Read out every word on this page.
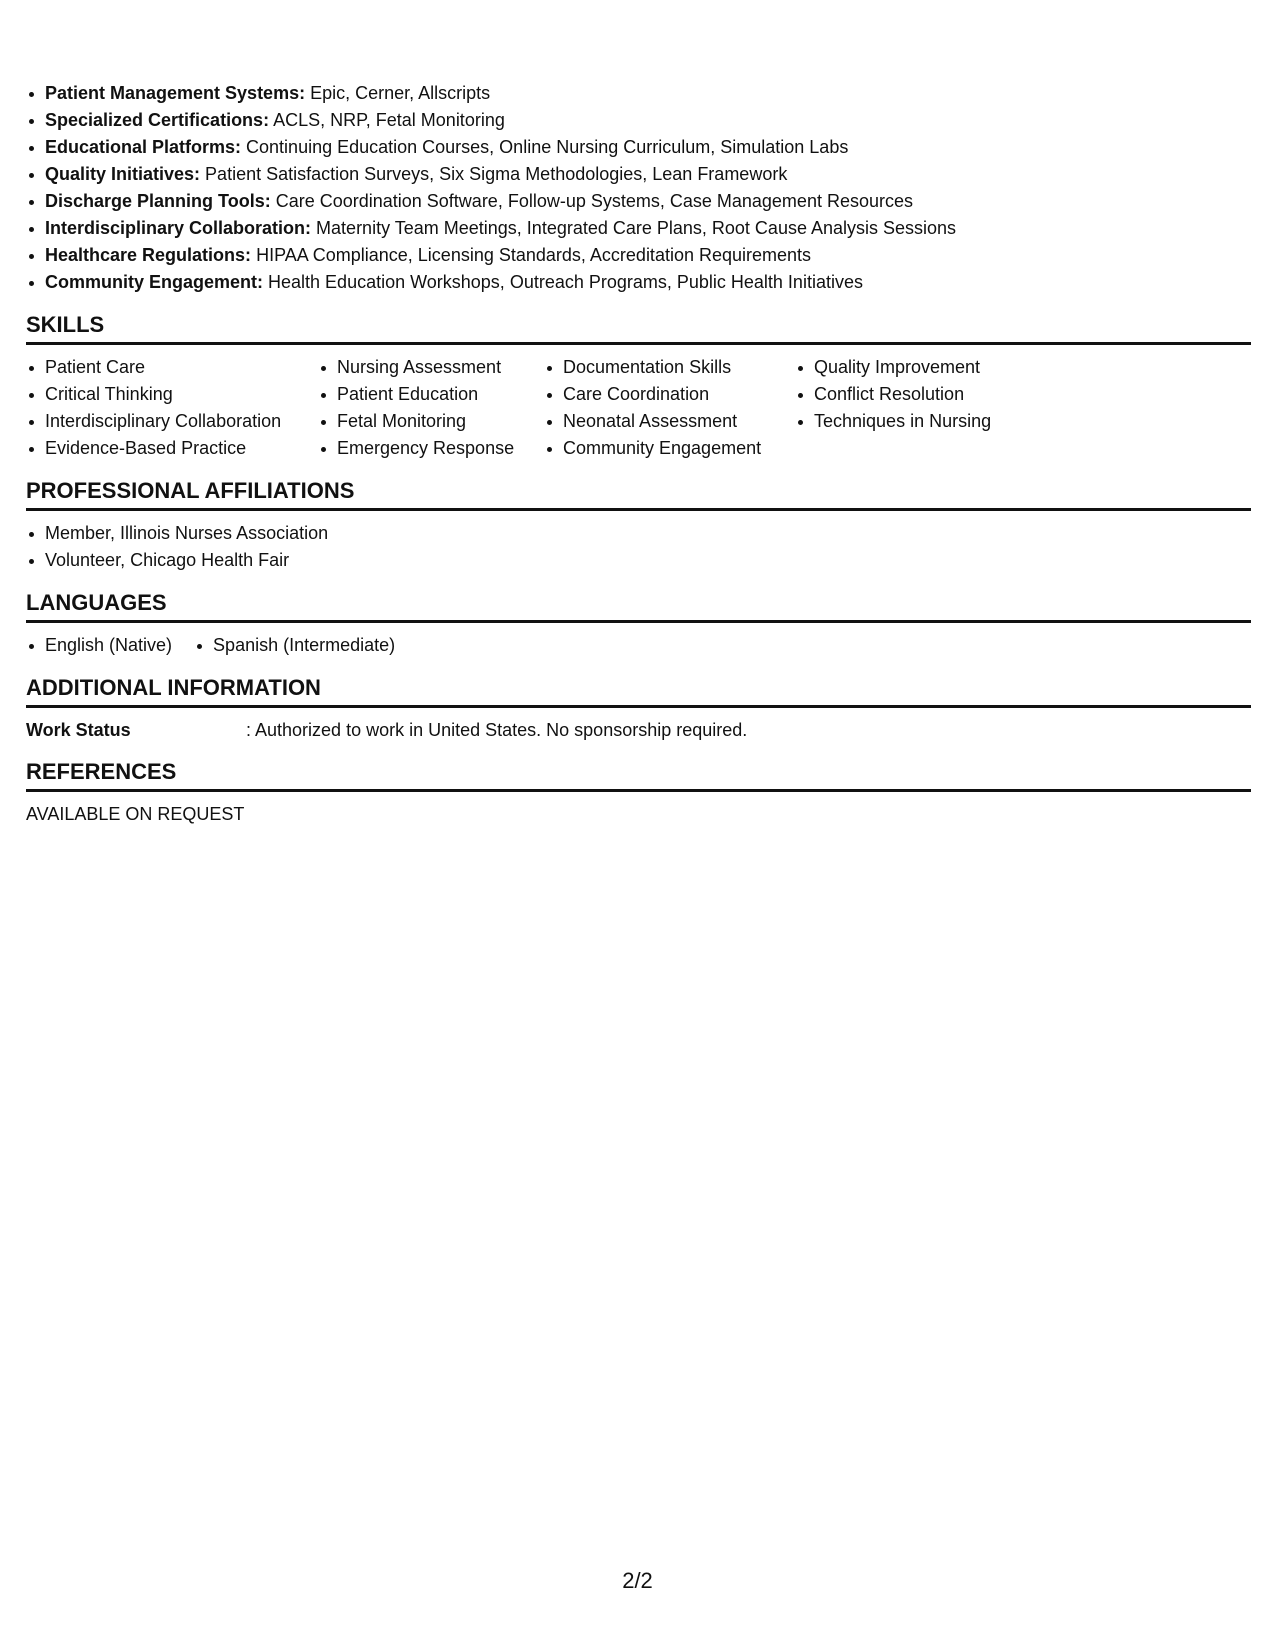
Patient Management Systems: Epic, Cerner, Allscripts
Specialized Certifications: ACLS, NRP, Fetal Monitoring
Educational Platforms: Continuing Education Courses, Online Nursing Curriculum, Simulation Labs
Quality Initiatives: Patient Satisfaction Surveys, Six Sigma Methodologies, Lean Framework
Discharge Planning Tools: Care Coordination Software, Follow-up Systems, Case Management Resources
Interdisciplinary Collaboration: Maternity Team Meetings, Integrated Care Plans, Root Cause Analysis Sessions
Healthcare Regulations: HIPAA Compliance, Licensing Standards, Accreditation Requirements
Community Engagement: Health Education Workshops, Outreach Programs, Public Health Initiatives
SKILLS
Patient Care
Critical Thinking
Interdisciplinary Collaboration
Evidence-Based Practice
Nursing Assessment
Patient Education
Fetal Monitoring
Emergency Response
Documentation Skills
Care Coordination
Neonatal Assessment
Community Engagement
Quality Improvement
Conflict Resolution
Techniques in Nursing
PROFESSIONAL AFFILIATIONS
Member, Illinois Nurses Association
Volunteer, Chicago Health Fair
LANGUAGES
English (Native)	Spanish (Intermediate)
ADDITIONAL INFORMATION
Work Status	: Authorized to work in United States. No sponsorship required.
REFERENCES
AVAILABLE ON REQUEST
2/2
